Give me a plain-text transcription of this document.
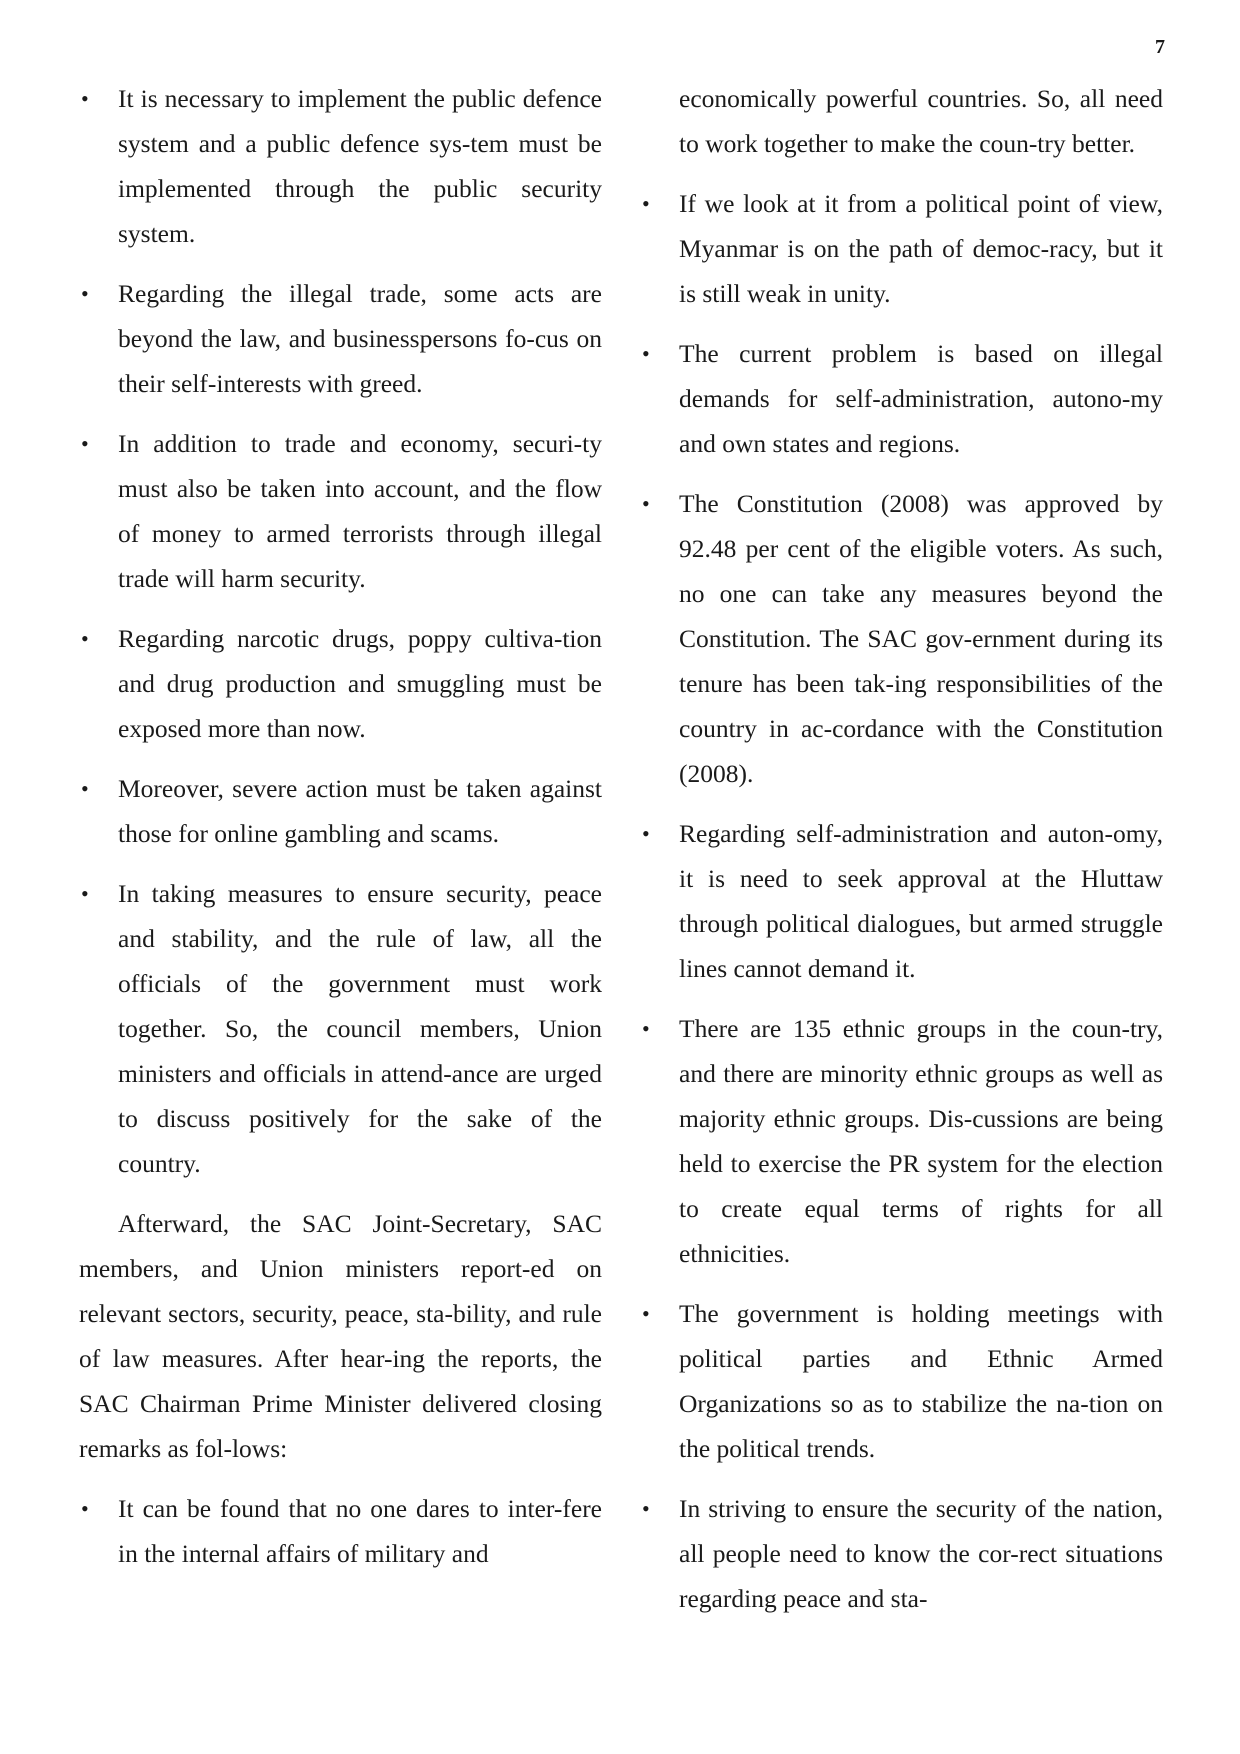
7
• It is necessary to implement the public defence system and a public defence sys-tem must be implemented through the public security system.
• Regarding the illegal trade, some acts are beyond the law, and businesspersons fo-cus on their self-interests with greed.
• In addition to trade and economy, securi-ty must also be taken into account, and the flow of money to armed terrorists through illegal trade will harm security.
• Regarding narcotic drugs, poppy cultiva-tion and drug production and smuggling must be exposed more than now.
• Moreover, severe action must be taken against those for online gambling and scams.
• In taking measures to ensure security, peace and stability, and the rule of law, all the officials of the government must work together. So, the council members, Union ministers and officials in attend-ance are urged to discuss positively for the sake of the country.

Afterward, the SAC Joint-Secretary, SAC members, and Union ministers report-ed on relevant sectors, security, peace, sta-bility, and rule of law measures. After hear-ing the reports, the SAC Chairman Prime Minister delivered closing remarks as fol-lows:

• It can be found that no one dares to inter-fere in the internal affairs of military and

economically powerful countries. So, all need to work together to make the coun-try better.

• If we look at it from a political point of view, Myanmar is on the path of democ-racy, but it is still weak in unity.
• The current problem is based on illegal demands for self-administration, autono-my and own states and regions.
• The Constitution (2008) was approved by 92.48 per cent of the eligible voters. As such, no one can take any measures beyond the Constitution. The SAC gov-ernment during its tenure has been tak-ing responsibilities of the country in ac-cordance with the Constitution (2008).
• Regarding self-administration and auton-omy, it is need to seek approval at the Hluttaw through political dialogues, but armed struggle lines cannot demand it.
• There are 135 ethnic groups in the coun-try, and there are minority ethnic groups as well as majority ethnic groups. Dis-cussions are being held to exercise the PR system for the election to create equal terms of rights for all ethnicities.
• The government is holding meetings with political parties and Ethnic Armed Organizations so as to stabilize the na-tion on the political trends.
• In striving to ensure the security of the nation, all people need to know the cor-rect situations regarding peace and sta-
